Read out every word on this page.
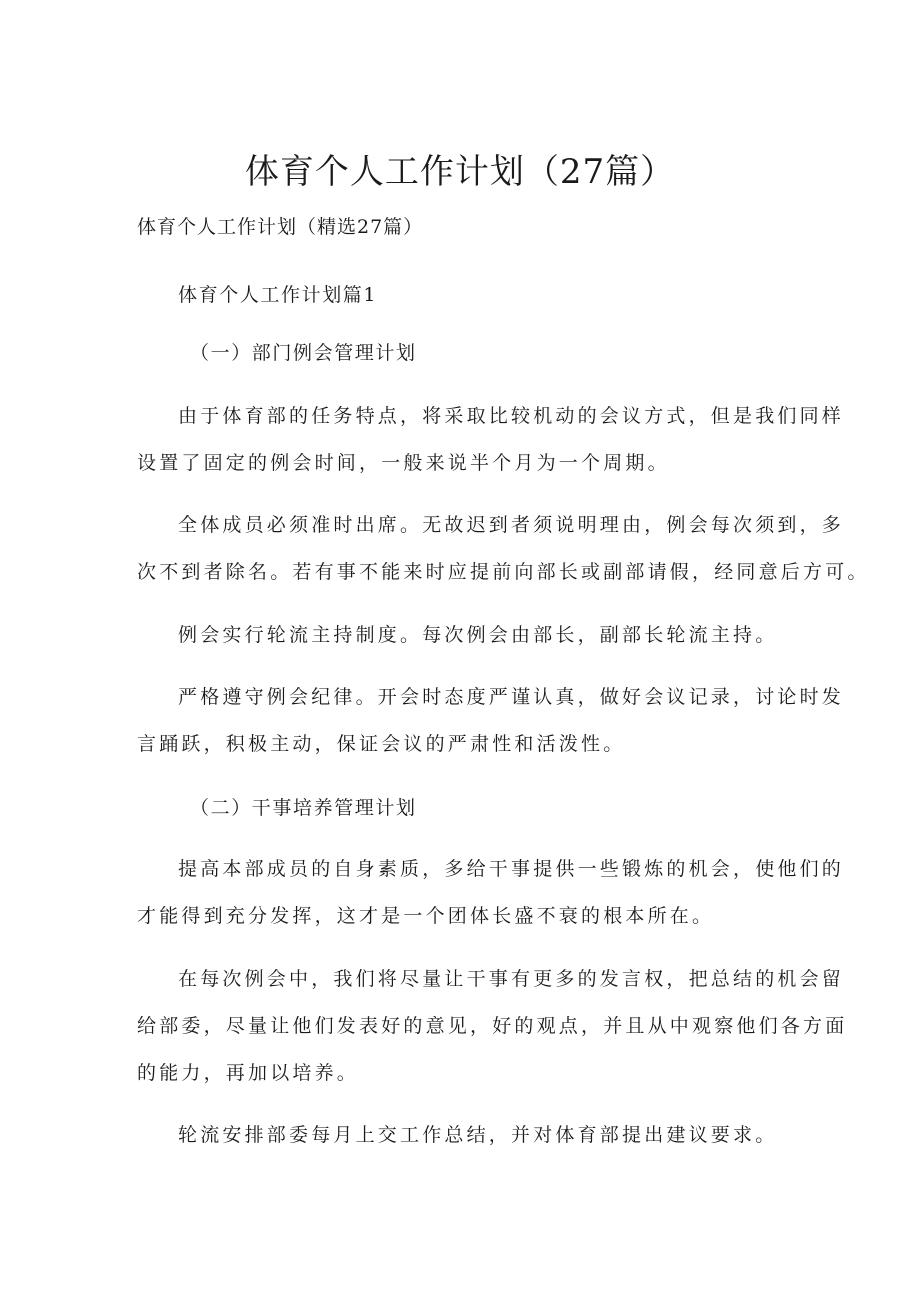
体育个人工作计划（27篇）
体育个人工作计划（精选27篇）
体育个人工作计划篇1
（一）部门例会管理计划
由于体育部的任务特点，将采取比较机动的会议方式，但是我们同样
设置了固定的例会时间，一般来说半个月为一个周期。
全体成员必须准时出席。无故迟到者须说明理由，例会每次须到，多
次不到者除名。若有事不能来时应提前向部长或副部请假，经同意后方可。
例会实行轮流主持制度。每次例会由部长，副部长轮流主持。
严格遵守例会纪律。开会时态度严谨认真，做好会议记录，讨论时发
言踊跃，积极主动，保证会议的严肃性和活泼性。
（二）干事培养管理计划
提高本部成员的自身素质，多给干事提供一些锻炼的机会，使他们的
才能得到充分发挥，这才是一个团体长盛不衰的根本所在。
在每次例会中，我们将尽量让干事有更多的发言权，把总结的机会留
给部委，尽量让他们发表好的意见，好的观点，并且从中观察他们各方面
的能力，再加以培养。
轮流安排部委每月上交工作总结，并对体育部提出建议要求。
